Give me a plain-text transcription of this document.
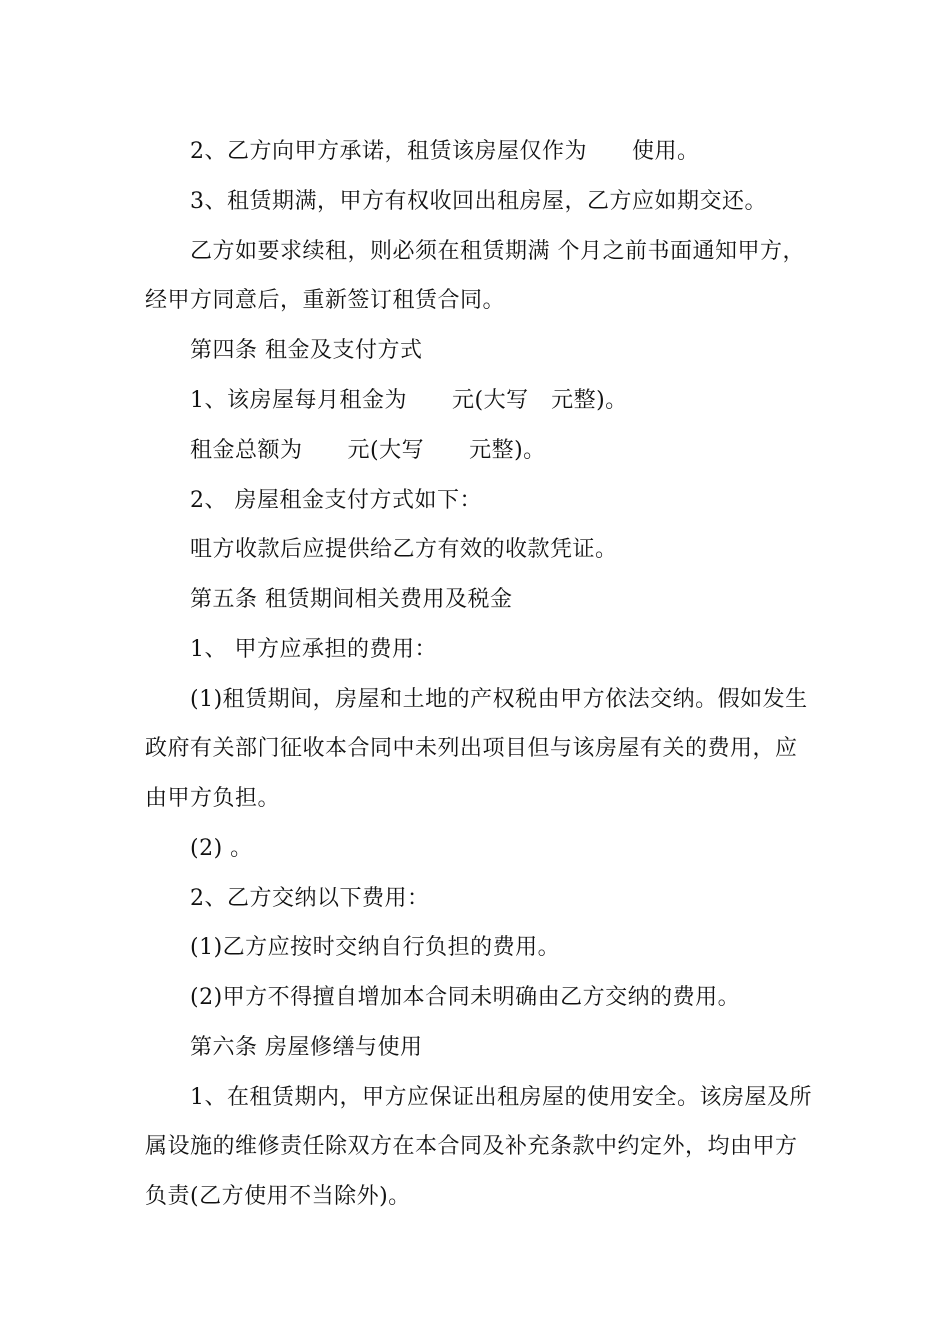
2、乙方向甲方承诺，租赁该房屋仅作为　　使用。
3、租赁期满，甲方有权收回出租房屋，乙方应如期交还。
乙方如要求续租，则必须在租赁期满 个月之前书面通知甲方，
经甲方同意后，重新签订租赁合同。
第四条 租金及支付方式
1、该房屋每月租金为　　元(大写　元整)。
租金总额为　　元(大写　　元整)。
2、 房屋租金支付方式如下：
咀方收款后应提供给乙方有效的收款凭证。
第五条 租赁期间相关费用及税金
1、 甲方应承担的费用：
(1)租赁期间，房屋和土地的产权税由甲方依法交纳。假如发生
政府有关部门征收本合同中未列出项目但与该房屋有关的费用，应
由甲方负担。
(2) 。
2、乙方交纳以下费用：
(1)乙方应按时交纳自行负担的费用。
(2)甲方不得擅自增加本合同未明确由乙方交纳的费用。
第六条 房屋修缮与使用
1、在租赁期内，甲方应保证出租房屋的使用安全。该房屋及所
属设施的维修责任除双方在本合同及补充条款中约定外，均由甲方
负责(乙方使用不当除外)。
